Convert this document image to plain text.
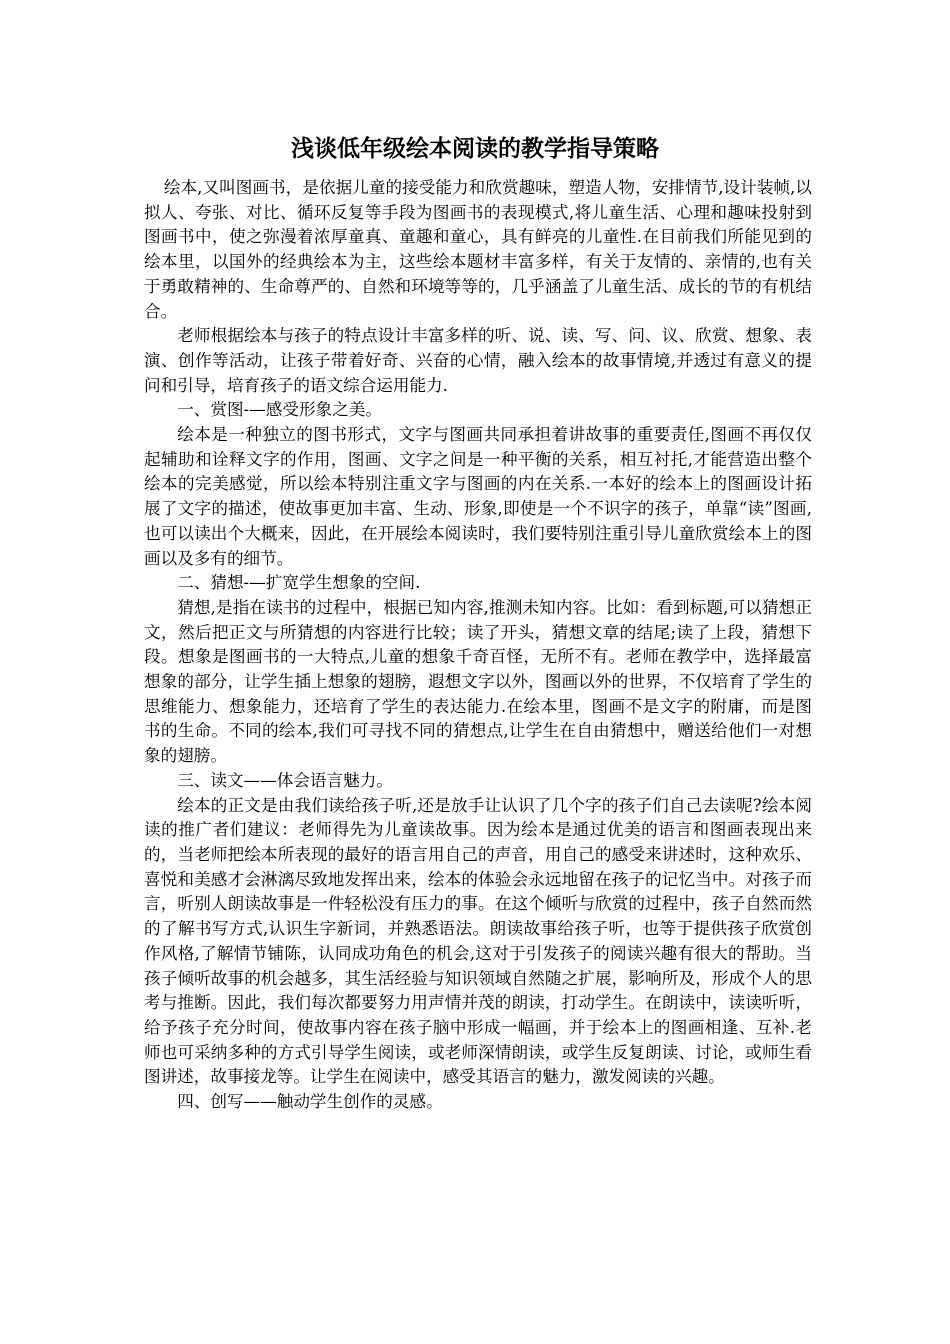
浅谈低年级绘本阅读的教学指导策略

绘本,又叫图画书，是依据儿童的接受能力和欣赏趣味，塑造人物，安排情节,设计装帧,以拟人、夸张、对比、循环反复等手段为图画书的表现模式,将儿童生活、心理和趣味投射到图画书中，使之弥漫着浓厚童真、童趣和童心，具有鲜亮的儿童性.在目前我们所能见到的绘本里，以国外的经典绘本为主，这些绘本题材丰富多样，有关于友情的、亲情的,也有关于勇敢精神的、生命尊严的、自然和环境等等的，几乎涵盖了儿童生活、成长的节的有机结合。

老师根据绘本与孩子的特点设计丰富多样的听、说、读、写、问、议、欣赏、想象、表演、创作等活动，让孩子带着好奇、兴奋的心情，融入绘本的故事情境,并透过有意义的提问和引导，培育孩子的语文综合运用能力.

一、赏图-—感受形象之美。

绘本是一种独立的图书形式，文字与图画共同承担着讲故事的重要责任,图画不再仅仅起辅助和诠释文字的作用，图画、文字之间是一种平衡的关系，相互衬托,才能营造出整个绘本的完美感觉，所以绘本特别注重文字与图画的内在关系.一本好的绘本上的图画设计拓展了文字的描述，使故事更加丰富、生动、形象,即使是一个不识字的孩子，单靠“读”图画,也可以读出个大概来，因此，在开展绘本阅读时，我们要特别注重引导儿童欣赏绘本上的图画以及多有的细节。

二、猜想-—扩宽学生想象的空间.

猜想,是指在读书的过程中，根据已知内容,推测未知内容。比如：看到标题,可以猜想正文，然后把正文与所猜想的内容进行比较；读了开头，猜想文章的结尾;读了上段，猜想下段。想象是图画书的一大特点,儿童的想象千奇百怪，无所不有。老师在教学中，选择最富想象的部分，让学生插上想象的翅膀，遐想文字以外，图画以外的世界，不仅培育了学生的思维能力、想象能力，还培育了学生的表达能力.在绘本里，图画不是文字的附庸，而是图书的生命。不同的绘本,我们可寻找不同的猜想点,让学生在自由猜想中，赠送给他们一对想象的翅膀。

三、读文——体会语言魅力。

绘本的正文是由我们读给孩子听,还是放手让认识了几个字的孩子们自己去读呢?绘本阅读的推广者们建议：老师得先为儿童读故事。因为绘本是通过优美的语言和图画表现出来的，当老师把绘本所表现的最好的语言用自己的声音，用自己的感受来讲述时，这种欢乐、喜悦和美感才会淋漓尽致地发挥出来，绘本的体验会永远地留在孩子的记忆当中。对孩子而言，听别人朗读故事是一件轻松没有压力的事。在这个倾听与欣赏的过程中，孩子自然而然的了解书写方式,认识生字新词，并熟悉语法。朗读故事给孩子听，也等于提供孩子欣赏创作风格,了解情节铺陈，认同成功角色的机会,这对于引发孩子的阅读兴趣有很大的帮助。当孩子倾听故事的机会越多，其生活经验与知识领域自然随之扩展，影响所及，形成个人的思考与推断。因此，我们每次都要努力用声情并茂的朗读，打动学生。在朗读中，读读听听，给予孩子充分时间，使故事内容在孩子脑中形成一幅画，并于绘本上的图画相逢、互补.老师也可采纳多种的方式引导学生阅读，或老师深情朗读，或学生反复朗读、讨论，或师生看图讲述，故事接龙等。让学生在阅读中，感受其语言的魅力，激发阅读的兴趣。

四、创写——触动学生创作的灵感。
